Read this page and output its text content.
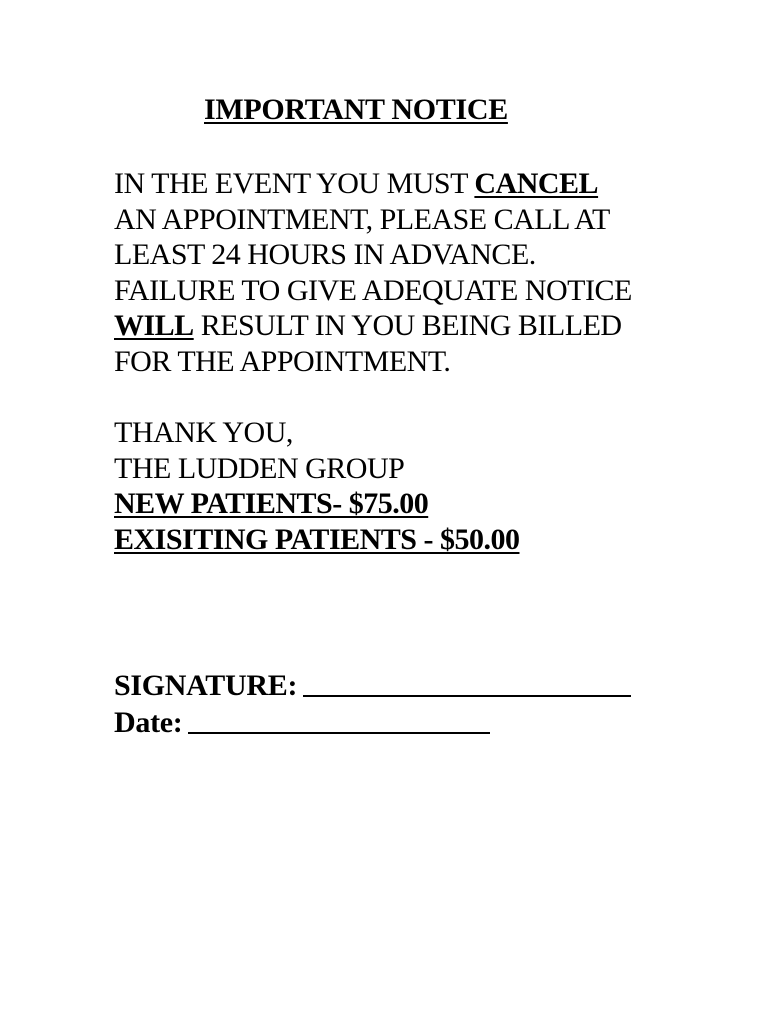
IMPORTANT NOTICE
IN THE EVENT YOU MUST CANCEL
AN APPOINTMENT, PLEASE CALL AT
LEAST 24 HOURS IN ADVANCE.
FAILURE TO GIVE ADEQUATE NOTICE
WILL RESULT IN YOU BEING BILLED
FOR THE APPOINTMENT.
THANK YOU,
THE LUDDEN GROUP
NEW PATIENTS- $75.00
EXISITING PATIENTS - $50.00
SIGNATURE:
Date:
